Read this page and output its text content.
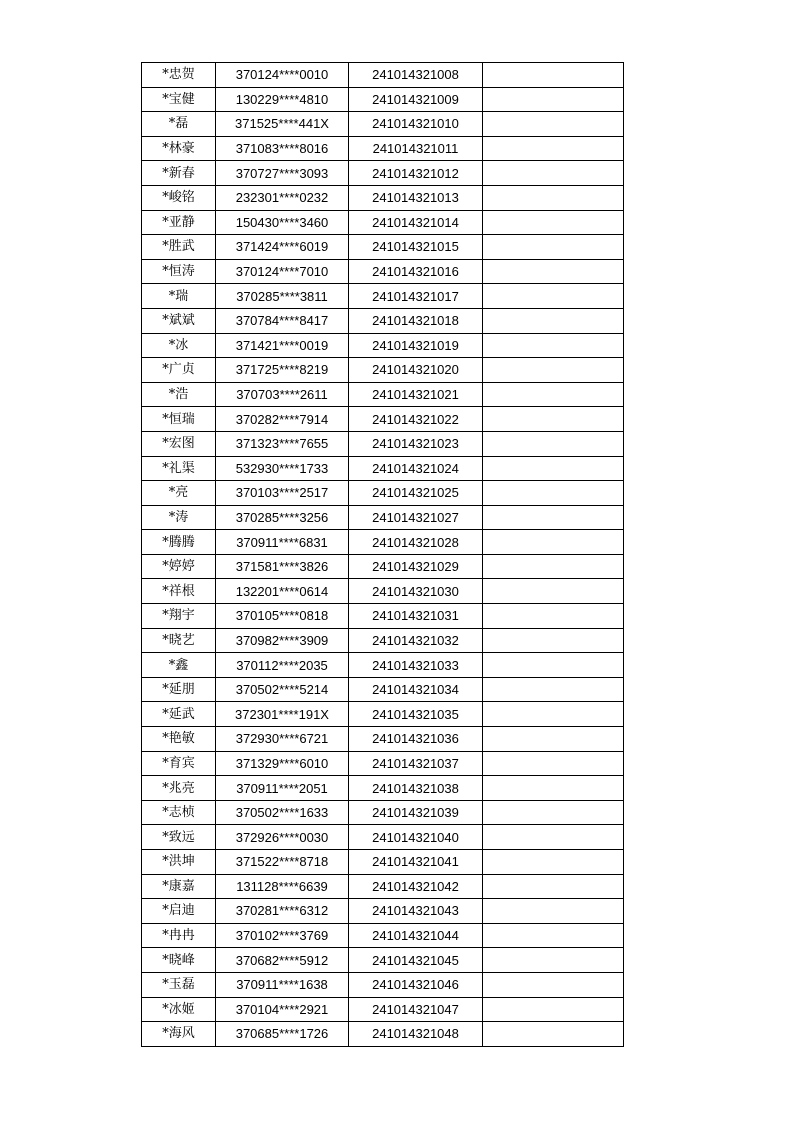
*忠贺	370124****0010	241014321008	
*宝健	130229****4810	241014321009	
*磊	371525****441X	241014321010	
*林豪	371083****8016	241014321011	
*新春	370727****3093	241014321012	
*峻铭	232301****0232	241014321013	
*亚静	150430****3460	241014321014	
*胜武	371424****6019	241014321015	
*恒涛	370124****7010	241014321016	
*瑞	370285****3811	241014321017	
*斌斌	370784****8417	241014321018	
*冰	371421****0019	241014321019	
*广贞	371725****8219	241014321020	
*浩	370703****2611	241014321021	
*恒瑞	370282****7914	241014321022	
*宏图	371323****7655	241014321023	
*礼渠	532930****1733	241014321024	
*亮	370103****2517	241014321025	
*涛	370285****3256	241014321027	
*腾腾	370911****6831	241014321028	
*婷婷	371581****3826	241014321029	
*祥根	132201****0614	241014321030	
*翔宇	370105****0818	241014321031	
*晓艺	370982****3909	241014321032	
*鑫	370112****2035	241014321033	
*延朋	370502****5214	241014321034	
*延武	372301****191X	241014321035	
*艳敏	372930****6721	241014321036	
*育宾	371329****6010	241014321037	
*兆亮	370911****2051	241014321038	
*志桢	370502****1633	241014321039	
*致远	372926****0030	241014321040	
*洪坤	371522****8718	241014321041	
*康嘉	131128****6639	241014321042	
*启迪	370281****6312	241014321043	
*冉冉	370102****3769	241014321044	
*晓峰	370682****5912	241014321045	
*玉磊	370911****1638	241014321046	
*冰姬	370104****2921	241014321047	
*海风	370685****1726	241014321048	
